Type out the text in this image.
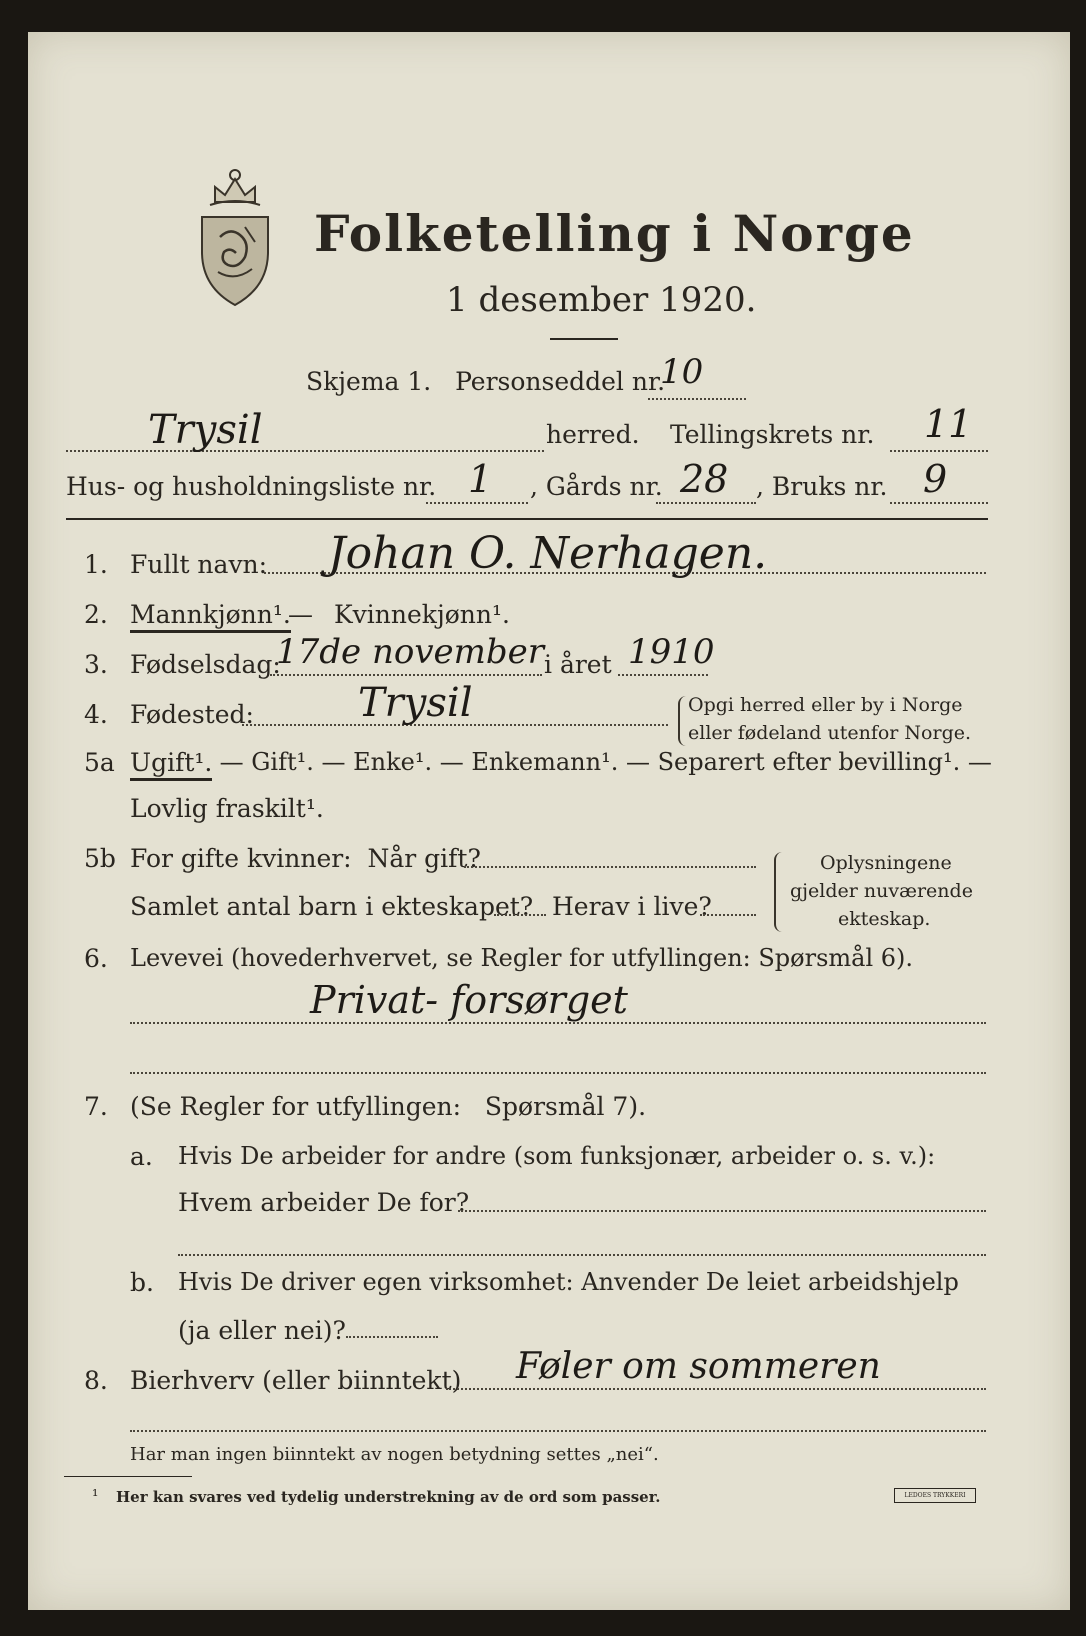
Folketelling i Norge
1 desember 1920.
Skjema 1.   Personseddel nr.
10
Trysil	herred. Tellingskrets nr. 11
Hus- og husholdningsliste nr. 1 , Gårds nr. 28 , Bruks nr. 9
1. Fullt navn: Johan O. Nerhagen.
2. Mannkjønn¹.
— Kvinnekjønn¹.
3. Fødselsdag:
17de november i året 1910
4. Fødested:	Trysil	Opgi herred eller by i Norge
eller fødeland utenfor Norge.
5a Ugift¹. — Gift¹. — Enke¹. — Enkemann¹. — Separert efter bevilling¹. —
Lovlig fraskilt¹.
5b For gifte kvinner:  Når gift?
Samlet antal barn i ekteskapet? Herav i live?
Oplysningene
gjelder nuværende
ekteskap.
6. Levevei (hovederhvervet, se Regler for utfyllingen: Spørsmål 6).
Privat- forsørget
7. (Se Regler for utfyllingen:   Spørsmål 7).
a. Hvis De arbeider for andre (som funksjonær, arbeider o. s. v.):
Hvem arbeider De for?
b. Hvis De driver egen virksomhet: Anvender De leiet arbeidshjelp
(ja eller nei)?
8. Bierhverv (eller biinntekt) Føler om sommeren
Har man ingen biinntekt av nogen betydning settes „nei“.
¹ Her kan svares ved tydelig understrekning av de ord som passer.	LEDOES TRYKKERI
